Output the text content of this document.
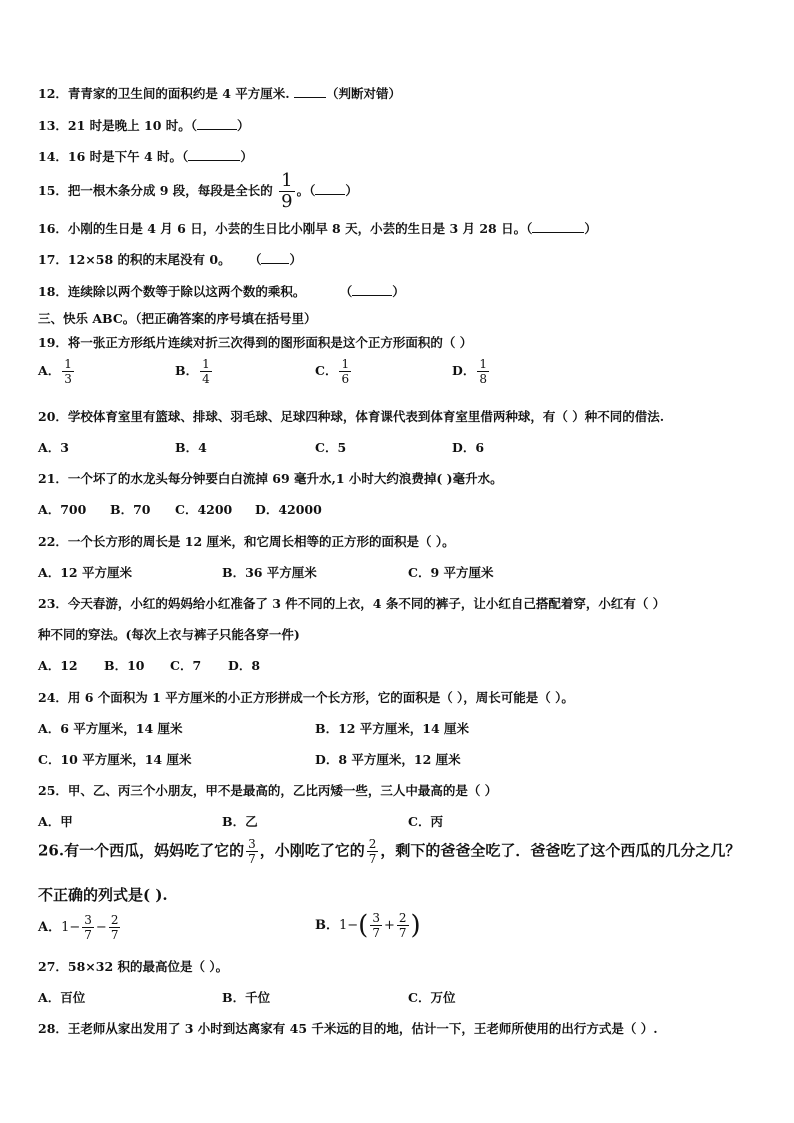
12．青青家的卫生间的面积约是 4 平方厘米.	（判断对错）
13．21 时是晚上 10 时。（	）
14．16 时是下午 4 时。（	）
15．把一根木条分成 9 段，每段是全长的 $\frac{1}{9}$ 。（ ）
16．小刚的生日是 4 月 6 日，小芸的生日比小刚早 8 天，小芸的生日是 3 月 28 日。（	）
17．12×58 的积的末尾没有 0。 （ ）
18．连续除以两个数等于除以这两个数的乘积。	（	）
三、快乐 ABC。（把正确答案的序号填在括号里）
19．将一张正方形纸片连续对折三次得到的图形面积是这个正方形面积的（ ）
A． $\frac{1}{3}$	B． $\frac{1}{4}$	C． $\frac{1}{6}$	D． $\frac{1}{8}$
20．学校体育室里有篮球、排球、羽毛球、足球四种球，体育课代表到体育室里借两种球，有（ ）种不同的借法.
A．3	B．4	C．5	D．6
21．一个坏了的水龙头每分钟要白白流掉 69 毫升水,1 小时大约浪费掉( )毫升水。
A．700 B．70 C．4200 D．42000
22．一个长方形的周长是 12 厘米，和它周长相等的正方形的面积是（ ）。
A．12 平方厘米	B．36 平方厘米	C．9 平方厘米
23．今天春游，小红的妈妈给小红准备了 3 件不同的上衣，4 条不同的裤子，让小红自己搭配着穿，小红有（ ）
种不同的穿法。(每次上衣与裤子只能各穿一件)
A．12 B．10 C．7 D．8
24．用 6 个面积为 1 平方厘米的小正方形拼成一个长方形，它的面积是（ ），周长可能是（ ）。
A．6 平方厘米，14 厘米	B．12 平方厘米，14 厘米
C．10 平方厘米，14 厘米	D．8 平方厘米，12 厘米
25．甲、乙、丙三个小朋友，甲不是最高的，乙比丙矮一些，三人中最高的是（ ）
A．甲	B．乙	C．丙
26.有一个西瓜，妈妈吃了它的 $\frac{3}{7}$ ，小刚吃了它的 $\frac{2}{7}$ ，剩下的爸爸全吃了．爸爸吃了这个西瓜的几分之几？
不正确的列式是( ).
A．$1- \frac{3}{7} - \frac{2}{7}$	B．$1-( \frac{3}{7} + \frac{2}{7}$ )
27．58×32 积的最高位是（ ）。
A．百位	B．千位	C．万位
28．王老师从家出发用了 3 小时到达离家有 45 千米远的目的地，估计一下，王老师所使用的出行方式是（ ）.
